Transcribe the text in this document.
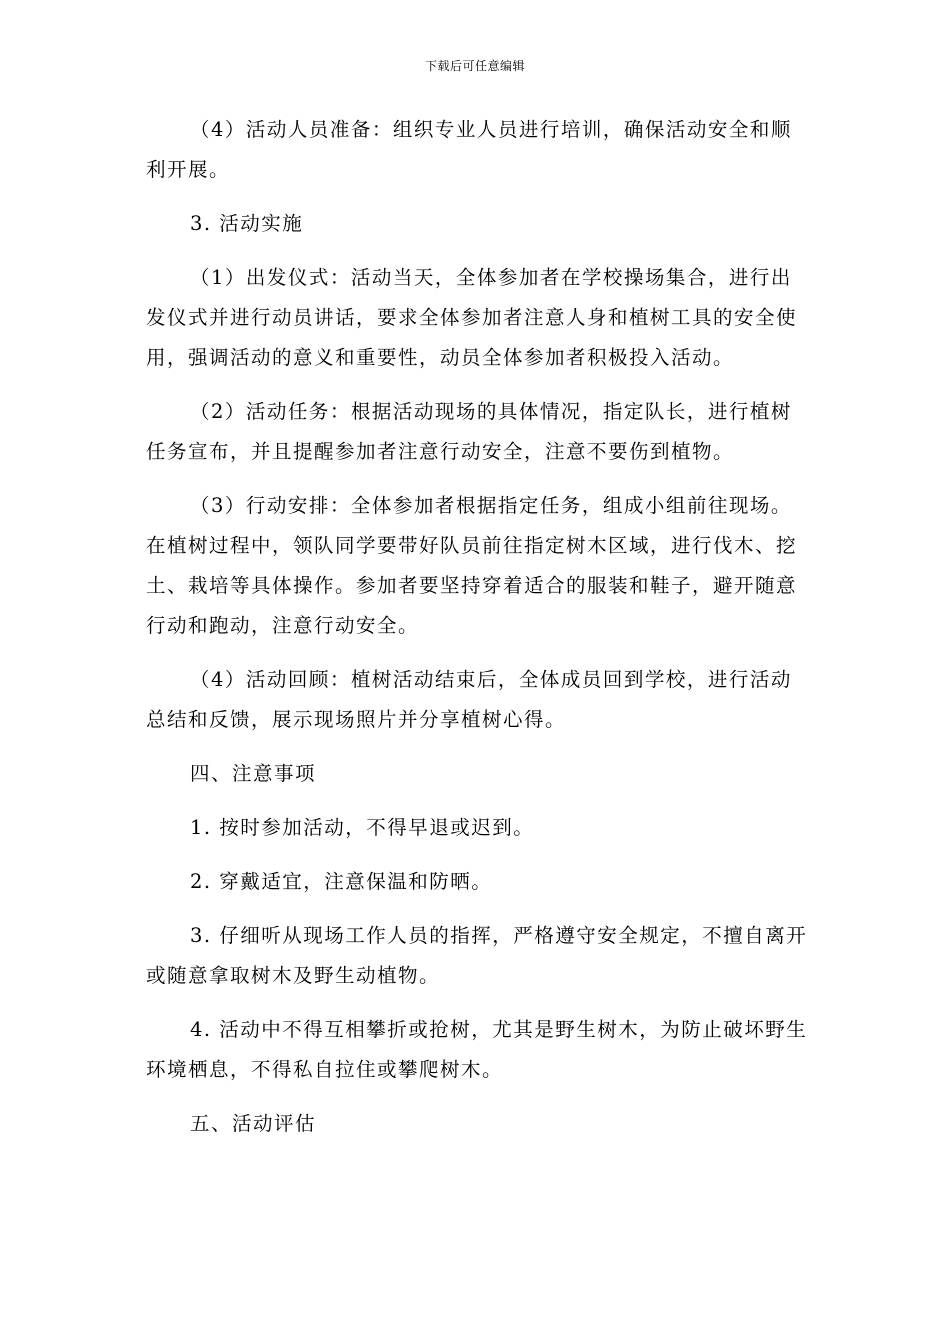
下载后可任意编辑

（4）活动人员准备：组织专业人员进行培训，确保活动安全和顺利开展。

3. 活动实施

（1）出发仪式：活动当天，全体参加者在学校操场集合，进行出发仪式并进行动员讲话，要求全体参加者注意人身和植树工具的安全使用，强调活动的意义和重要性，动员全体参加者积极投入活动。

（2）活动任务：根据活动现场的具体情况，指定队长，进行植树任务宣布，并且提醒参加者注意行动安全，注意不要伤到植物。

（3）行动安排：全体参加者根据指定任务，组成小组前往现场。在植树过程中，领队同学要带好队员前往指定树木区域，进行伐木、挖土、栽培等具体操作。参加者要坚持穿着适合的服装和鞋子，避开随意行动和跑动，注意行动安全。

（4）活动回顾：植树活动结束后，全体成员回到学校，进行活动总结和反馈，展示现场照片并分享植树心得。

四、注意事项

1. 按时参加活动，不得早退或迟到。

2. 穿戴适宜，注意保温和防晒。

3. 仔细听从现场工作人员的指挥，严格遵守安全规定，不擅自离开或随意拿取树木及野生动植物。

4. 活动中不得互相攀折或抢树，尤其是野生树木，为防止破坏野生环境栖息，不得私自拉住或攀爬树木。

五、活动评估
